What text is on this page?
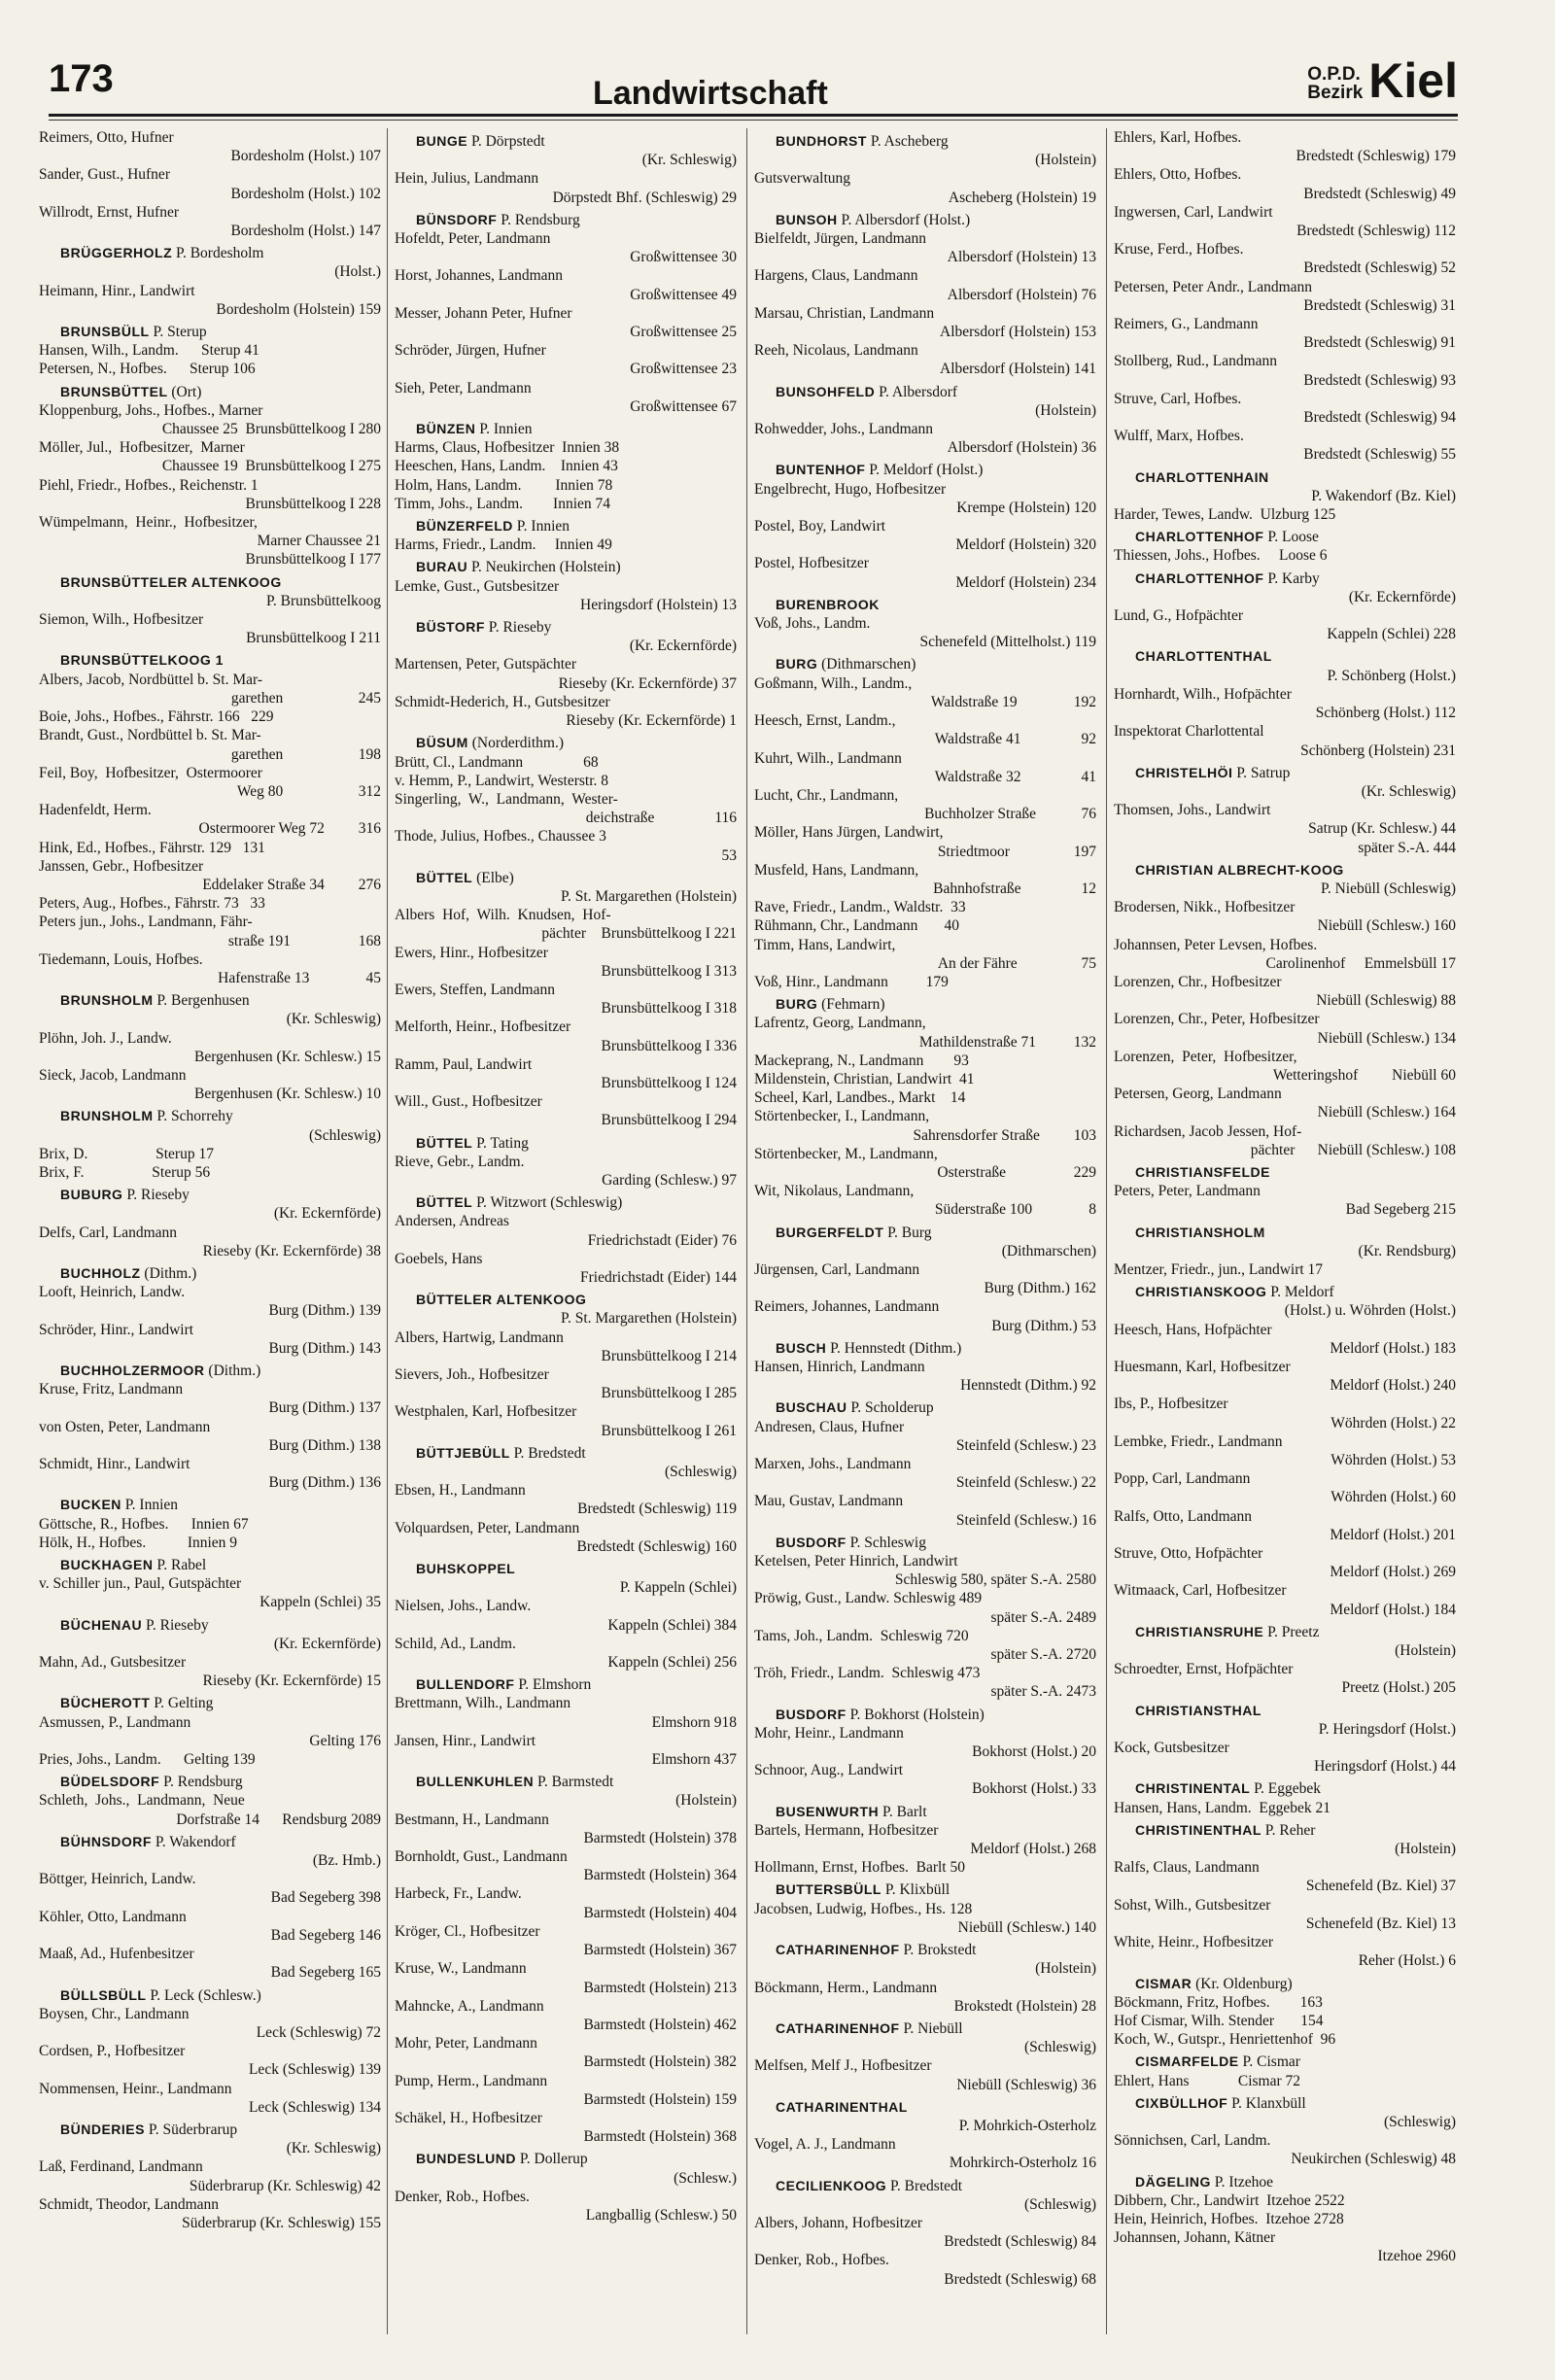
173	Landwirtschaft
O.P.D.
Bezirk Kiel
Reimers, Otto, Hufner
Bordesholm (Holst.) 107
Sander, Gust., Hufner
Bordesholm (Holst.) 102
Willrodt, Ernst, Hufner
Bordesholm (Holst.) 147
BRÜGGERHOLZ P. Bordesholm
(Holst.)
Heimann, Hinr., Landwirt
Bordesholm (Holstein) 159
BRUNSBÜLL P. Sterup
Hansen, Wilh., Landm.      Sterup 41
Petersen, N., Hofbes.      Sterup 106
BRUNSBÜTTEL (Ort)
Kloppenburg, Johs., Hofbes., Marner
Chaussee 25  Brunsbüttelkoog I 280
Möller, Jul.,  Hofbesitzer,  Marner
Chaussee 19  Brunsbüttelkoog I 275
Piehl, Friedr., Hofbes., Reichenstr. 1
Brunsbüttelkoog I 228
Wümpelmann,  Heinr.,  Hofbesitzer,
Marner Chaussee 21
Brunsbüttelkoog I 177
BRUNSBÜTTELER ALTENKOOG
P. Brunsbüttelkoog
Siemon, Wilh., Hofbesitzer
Brunsbüttelkoog I 211
BRUNSBÜTTELKOOG 1
Albers, Jacob, Nordbüttel b. St. Mar-
garethen                    245
Boie, Johs., Hofbes., Fährstr. 166   229
Brandt, Gust., Nordbüttel b. St. Mar-
garethen                    198
Feil, Boy,  Hofbesitzer,  Ostermoorer
Weg 80                    312
Hadenfeldt, Herm.
Ostermoorer Weg 72         316
Hink, Ed., Hofbes., Fährstr. 129   131
Janssen, Gebr., Hofbesitzer
Eddelaker Straße 34         276
Peters, Aug., Hofbes., Fährstr. 73   33
Peters jun., Johs., Landmann, Fähr-
straße 191                  168
Tiedemann, Louis, Hofbes.
Hafenstraße 13               45
BRUNSHOLM P. Bergenhusen
(Kr. Schleswig)
Plöhn, Joh. J., Landw.
Bergenhusen (Kr. Schlesw.) 15
Sieck, Jacob, Landmann
Bergenhusen (Kr. Schlesw.) 10
BRUNSHOLM P. Schorrehy
(Schleswig)
Brix, D.                  Sterup 17
Brix, F.                  Sterup 56
BUBURG P. Rieseby
(Kr. Eckernförde)
Delfs, Carl, Landmann
Rieseby (Kr. Eckernförde) 38
BUCHHOLZ (Dithm.)
Looft, Heinrich, Landw.
Burg (Dithm.) 139
Schröder, Hinr., Landwirt
Burg (Dithm.) 143
BUCHHOLZERMOOR (Dithm.)
Kruse, Fritz, Landmann
Burg (Dithm.) 137
von Osten, Peter, Landmann
Burg (Dithm.) 138
Schmidt, Hinr., Landwirt
Burg (Dithm.) 136
BUCKEN P. Innien
Göttsche, R., Hofbes.      Innien 67
Hölk, H., Hofbes.           Innien 9
BUCKHAGEN P. Rabel
v. Schiller jun., Paul, Gutspächter
Kappeln (Schlei) 35
BÜCHENAU P. Rieseby
(Kr. Eckernförde)
Mahn, Ad., Gutsbesitzer
Rieseby (Kr. Eckernförde) 15
BÜCHEROTT P. Gelting
Asmussen, P., Landmann
Gelting 176
Pries, Johs., Landm.      Gelting 139
BÜDELSDORF P. Rendsburg
Schleth,  Johs.,  Landmann,  Neue
Dorfstraße 14      Rendsburg 2089
BÜHNSDORF P. Wakendorf
(Bz. Hmb.)
Böttger, Heinrich, Landw.
Bad Segeberg 398
Köhler, Otto, Landmann
Bad Segeberg 146
Maaß, Ad., Hufenbesitzer
Bad Segeberg 165
BÜLLSBÜLL P. Leck (Schlesw.)
Boysen, Chr., Landmann
Leck (Schleswig) 72
Cordsen, P., Hofbesitzer
Leck (Schleswig) 139
Nommensen, Heinr., Landmann
Leck (Schleswig) 134
BÜNDERIES P. Süderbrarup
(Kr. Schleswig)
Laß, Ferdinand, Landmann
Süderbrarup (Kr. Schleswig) 42
Schmidt, Theodor, Landmann
Süderbrarup (Kr. Schleswig) 155
BUNGE P. Dörpstedt
(Kr. Schleswig)
Hein, Julius, Landmann
Dörpstedt Bhf. (Schleswig) 29
BÜNSDORF P. Rendsburg
Hofeldt, Peter, Landmann
Großwittensee 30
Horst, Johannes, Landmann
Großwittensee 49
Messer, Johann Peter, Hufner
Großwittensee 25
Schröder, Jürgen, Hufner
Großwittensee 23
Sieh, Peter, Landmann
Großwittensee 67
BÜNZEN P. Innien
Harms, Claus, Hofbesitzer  Innien 38
Heeschen, Hans, Landm.    Innien 43
Holm, Hans, Landm.         Innien 78
Timm, Johs., Landm.        Innien 74
BÜNZERFELD P. Innien
Harms, Friedr., Landm.     Innien 49
BURAU P. Neukirchen (Holstein)
Lemke, Gust., Gutsbesitzer
Heringsdorf (Holstein) 13
BÜSTORF P. Rieseby
(Kr. Eckernförde)
Martensen, Peter, Gutspächter
Rieseby (Kr. Eckernförde) 37
Schmidt-Hederich, H., Gutsbesitzer
Rieseby (Kr. Eckernförde) 1
BÜSUM (Norderdithm.)
Brütt, Cl., Landmann                68
v. Hemm, P., Landwirt, Westerstr. 8
Singerling,  W.,  Landmann,  Wester-
deichstraße                116
Thode, Julius, Hofbes., Chaussee 3
53
BÜTTEL (Elbe)
P. St. Margarethen (Holstein)
Albers  Hof,  Wilh.  Knudsen,  Hof-
pächter    Brunsbüttelkoog I 221
Ewers, Hinr., Hofbesitzer
Brunsbüttelkoog I 313
Ewers, Steffen, Landmann
Brunsbüttelkoog I 318
Melforth, Heinr., Hofbesitzer
Brunsbüttelkoog I 336
Ramm, Paul, Landwirt
Brunsbüttelkoog I 124
Will., Gust., Hofbesitzer
Brunsbüttelkoog I 294
BÜTTEL P. Tating
Rieve, Gebr., Landm.
Garding (Schlesw.) 97
BÜTTEL P. Witzwort (Schleswig)
Andersen, Andreas
Friedrichstadt (Eider) 76
Goebels, Hans
Friedrichstadt (Eider) 144
BÜTTELER ALTENKOOG
P. St. Margarethen (Holstein)
Albers, Hartwig, Landmann
Brunsbüttelkoog I 214
Sievers, Joh., Hofbesitzer
Brunsbüttelkoog I 285
Westphalen, Karl, Hofbesitzer
Brunsbüttelkoog I 261
BÜTTJEBÜLL P. Bredstedt
(Schleswig)
Ebsen, H., Landmann
Bredstedt (Schleswig) 119
Volquardsen, Peter, Landmann
Bredstedt (Schleswig) 160
BUHSKOPPEL
P. Kappeln (Schlei)
Nielsen, Johs., Landw.
Kappeln (Schlei) 384
Schild, Ad., Landm.
Kappeln (Schlei) 256
BULLENDORF P. Elmshorn
Brettmann, Wilh., Landmann
Elmshorn 918
Jansen, Hinr., Landwirt
Elmshorn 437
BULLENKUHLEN P. Barmstedt
(Holstein)
Bestmann, H., Landmann
Barmstedt (Holstein) 378
Bornholdt, Gust., Landmann
Barmstedt (Holstein) 364
Harbeck, Fr., Landw.
Barmstedt (Holstein) 404
Kröger, Cl., Hofbesitzer
Barmstedt (Holstein) 367
Kruse, W., Landmann
Barmstedt (Holstein) 213
Mahncke, A., Landmann
Barmstedt (Holstein) 462
Mohr, Peter, Landmann
Barmstedt (Holstein) 382
Pump, Herm., Landmann
Barmstedt (Holstein) 159
Schäkel, H., Hofbesitzer
Barmstedt (Holstein) 368
BUNDESLUND P. Dollerup
(Schlesw.)
Denker, Rob., Hofbes.
Langballig (Schlesw.) 50
BUNDHORST P. Ascheberg
(Holstein)
Gutsverwaltung
Ascheberg (Holstein) 19
BUNSOH P. Albersdorf (Holst.)
Bielfeldt, Jürgen, Landmann
Albersdorf (Holstein) 13
Hargens, Claus, Landmann
Albersdorf (Holstein) 76
Marsau, Christian, Landmann
Albersdorf (Holstein) 153
Reeh, Nicolaus, Landmann
Albersdorf (Holstein) 141
BUNSOHFELD P. Albersdorf
(Holstein)
Rohwedder, Johs., Landmann
Albersdorf (Holstein) 36
BUNTENHOF P. Meldorf (Holst.)
Engelbrecht, Hugo, Hofbesitzer
Krempe (Holstein) 120
Postel, Boy, Landwirt
Meldorf (Holstein) 320
Postel, Hofbesitzer
Meldorf (Holstein) 234
BURENBROOK
Voß, Johs., Landm.
Schenefeld (Mittelholst.) 119
BURG (Dithmarschen)
Goßmann, Wilh., Landm.,
Waldstraße 19               192
Heesch, Ernst, Landm.,
Waldstraße 41                92
Kuhrt, Wilh., Landmann
Waldstraße 32                41
Lucht, Chr., Landmann,
Buchholzer Straße            76
Möller, Hans Jürgen, Landwirt,
Striedtmoor                 197
Musfeld, Hans, Landmann,
Bahnhofstraße                12
Rave, Friedr., Landm., Waldstr.  33
Rühmann, Chr., Landmann       40
Timm, Hans, Landwirt,
An der Fähre                 75
Voß, Hinr., Landmann          179
BURG (Fehmarn)
Lafrentz, Georg, Landmann,
Mathildenstraße 71          132
Mackeprang, N., Landmann        93
Mildenstein, Christian, Landwirt  41
Scheel, Karl, Landbes., Markt    14
Störtenbecker, I., Landmann,
Sahrensdorfer Straße         103
Störtenbecker, M., Landmann,
Osterstraße                  229
Wit, Nikolaus, Landmann,
Süderstraße 100               8
BURGERFELDT P. Burg
(Dithmarschen)
Jürgensen, Carl, Landmann
Burg (Dithm.) 162
Reimers, Johannes, Landmann
Burg (Dithm.) 53
BUSCH P. Hennstedt (Dithm.)
Hansen, Hinrich, Landmann
Hennstedt (Dithm.) 92
BUSCHAU P. Scholderup
Andresen, Claus, Hufner
Steinfeld (Schlesw.) 23
Marxen, Johs., Landmann
Steinfeld (Schlesw.) 22
Mau, Gustav, Landmann
Steinfeld (Schlesw.) 16
BUSDORF P. Schleswig
Ketelsen, Peter Hinrich, Landwirt
Schleswig 580, später S.-A. 2580
Pröwig, Gust., Landw. Schleswig 489
später S.-A. 2489
Tams, Joh., Landm.  Schleswig 720
später S.-A. 2720
Tröh, Friedr., Landm.  Schleswig 473
später S.-A. 2473
BUSDORF P. Bokhorst (Holstein)
Mohr, Heinr., Landmann
Bokhorst (Holst.) 20
Schnoor, Aug., Landwirt
Bokhorst (Holst.) 33
BUSENWURTH P. Barlt
Bartels, Hermann, Hofbesitzer
Meldorf (Holst.) 268
Hollmann, Ernst, Hofbes.  Barlt 50
BUTTERSBÜLL P. Klixbüll
Jacobsen, Ludwig, Hofbes., Hs. 128
Niebüll (Schlesw.) 140
CATHARINENHOF P. Brokstedt
(Holstein)
Böckmann, Herm., Landmann
Brokstedt (Holstein) 28
CATHARINENHOF P. Niebüll
(Schleswig)
Melfsen, Melf J., Hofbesitzer
Niebüll (Schleswig) 36
CATHARINENTHAL
P. Mohrkich-Osterholz
Vogel, A. J., Landmann
Mohrkirch-Osterholz 16
CECILIENKOOG P. Bredstedt
(Schleswig)
Albers, Johann, Hofbesitzer
Bredstedt (Schleswig) 84
Denker, Rob., Hofbes.
Bredstedt (Schleswig) 68
Ehlers, Karl, Hofbes.
Bredstedt (Schleswig) 179
Ehlers, Otto, Hofbes.
Bredstedt (Schleswig) 49
Ingwersen, Carl, Landwirt
Bredstedt (Schleswig) 112
Kruse, Ferd., Hofbes.
Bredstedt (Schleswig) 52
Petersen, Peter Andr., Landmann
Bredstedt (Schleswig) 31
Reimers, G., Landmann
Bredstedt (Schleswig) 91
Stollberg, Rud., Landmann
Bredstedt (Schleswig) 93
Struve, Carl, Hofbes.
Bredstedt (Schleswig) 94
Wulff, Marx, Hofbes.
Bredstedt (Schleswig) 55
CHARLOTTENHAIN
P. Wakendorf (Bz. Kiel)
Harder, Tewes, Landw.  Ulzburg 125
CHARLOTTENHOF P. Loose
Thiessen, Johs., Hofbes.     Loose 6
CHARLOTTENHOF P. Karby
(Kr. Eckernförde)
Lund, G., Hofpächter
Kappeln (Schlei) 228
CHARLOTTENTHAL
P. Schönberg (Holst.)
Hornhardt, Wilh., Hofpächter
Schönberg (Holst.) 112
Inspektorat Charlottental
Schönberg (Holstein) 231
CHRISTELHÖI P. Satrup
(Kr. Schleswig)
Thomsen, Johs., Landwirt
Satrup (Kr. Schlesw.) 44
später S.-A. 444
CHRISTIAN ALBRECHT-KOOG
P. Niebüll (Schleswig)
Brodersen, Nikk., Hofbesitzer
Niebüll (Schlesw.) 160
Johannsen, Peter Levsen, Hofbes.
Carolinenhof     Emmelsbüll 17
Lorenzen, Chr., Hofbesitzer
Niebüll (Schleswig) 88
Lorenzen, Chr., Peter, Hofbesitzer
Niebüll (Schlesw.) 134
Lorenzen,  Peter,  Hofbesitzer,
Wetteringshof         Niebüll 60
Petersen, Georg, Landmann
Niebüll (Schlesw.) 164
Richardsen, Jacob Jessen, Hof-
pächter      Niebüll (Schlesw.) 108
CHRISTIANSFELDE
Peters, Peter, Landmann
Bad Segeberg 215
CHRISTIANSHOLM
(Kr. Rendsburg)
Mentzer, Friedr., jun., Landwirt 17
CHRISTIANSKOOG P. Meldorf
(Holst.) u. Wöhrden (Holst.)
Heesch, Hans, Hofpächter
Meldorf (Holst.) 183
Huesmann, Karl, Hofbesitzer
Meldorf (Holst.) 240
Ibs, P., Hofbesitzer
Wöhrden (Holst.) 22
Lembke, Friedr., Landmann
Wöhrden (Holst.) 53
Popp, Carl, Landmann
Wöhrden (Holst.) 60
Ralfs, Otto, Landmann
Meldorf (Holst.) 201
Struve, Otto, Hofpächter
Meldorf (Holst.) 269
Witmaack, Carl, Hofbesitzer
Meldorf (Holst.) 184
CHRISTIANSRUHE P. Preetz
(Holstein)
Schroedter, Ernst, Hofpächter
Preetz (Holst.) 205
CHRISTIANSTHAL
P. Heringsdorf (Holst.)
Kock, Gutsbesitzer
Heringsdorf (Holst.) 44
CHRISTINENTAL P. Eggebek
Hansen, Hans, Landm.  Eggebek 21
CHRISTINENTHAL P. Reher
(Holstein)
Ralfs, Claus, Landmann
Schenefeld (Bz. Kiel) 37
Sohst, Wilh., Gutsbesitzer
Schenefeld (Bz. Kiel) 13
White, Heinr., Hofbesitzer
Reher (Holst.) 6
CISMAR (Kr. Oldenburg)
Böckmann, Fritz, Hofbes.        163
Hof Cismar, Wilh. Stender       154
Koch, W., Gutspr., Henriettenhof  96
CISMARFELDE P. Cismar
Ehlert, Hans             Cismar 72
CIXBÜLLHOF P. Klanxbüll
(Schleswig)
Sönnichsen, Carl, Landm.
Neukirchen (Schleswig) 48
DÄGELING P. Itzehoe
Dibbern, Chr., Landwirt  Itzehoe 2522
Hein, Heinrich, Hofbes.  Itzehoe 2728
Johannsen, Johann, Kätner
Itzehoe 2960
